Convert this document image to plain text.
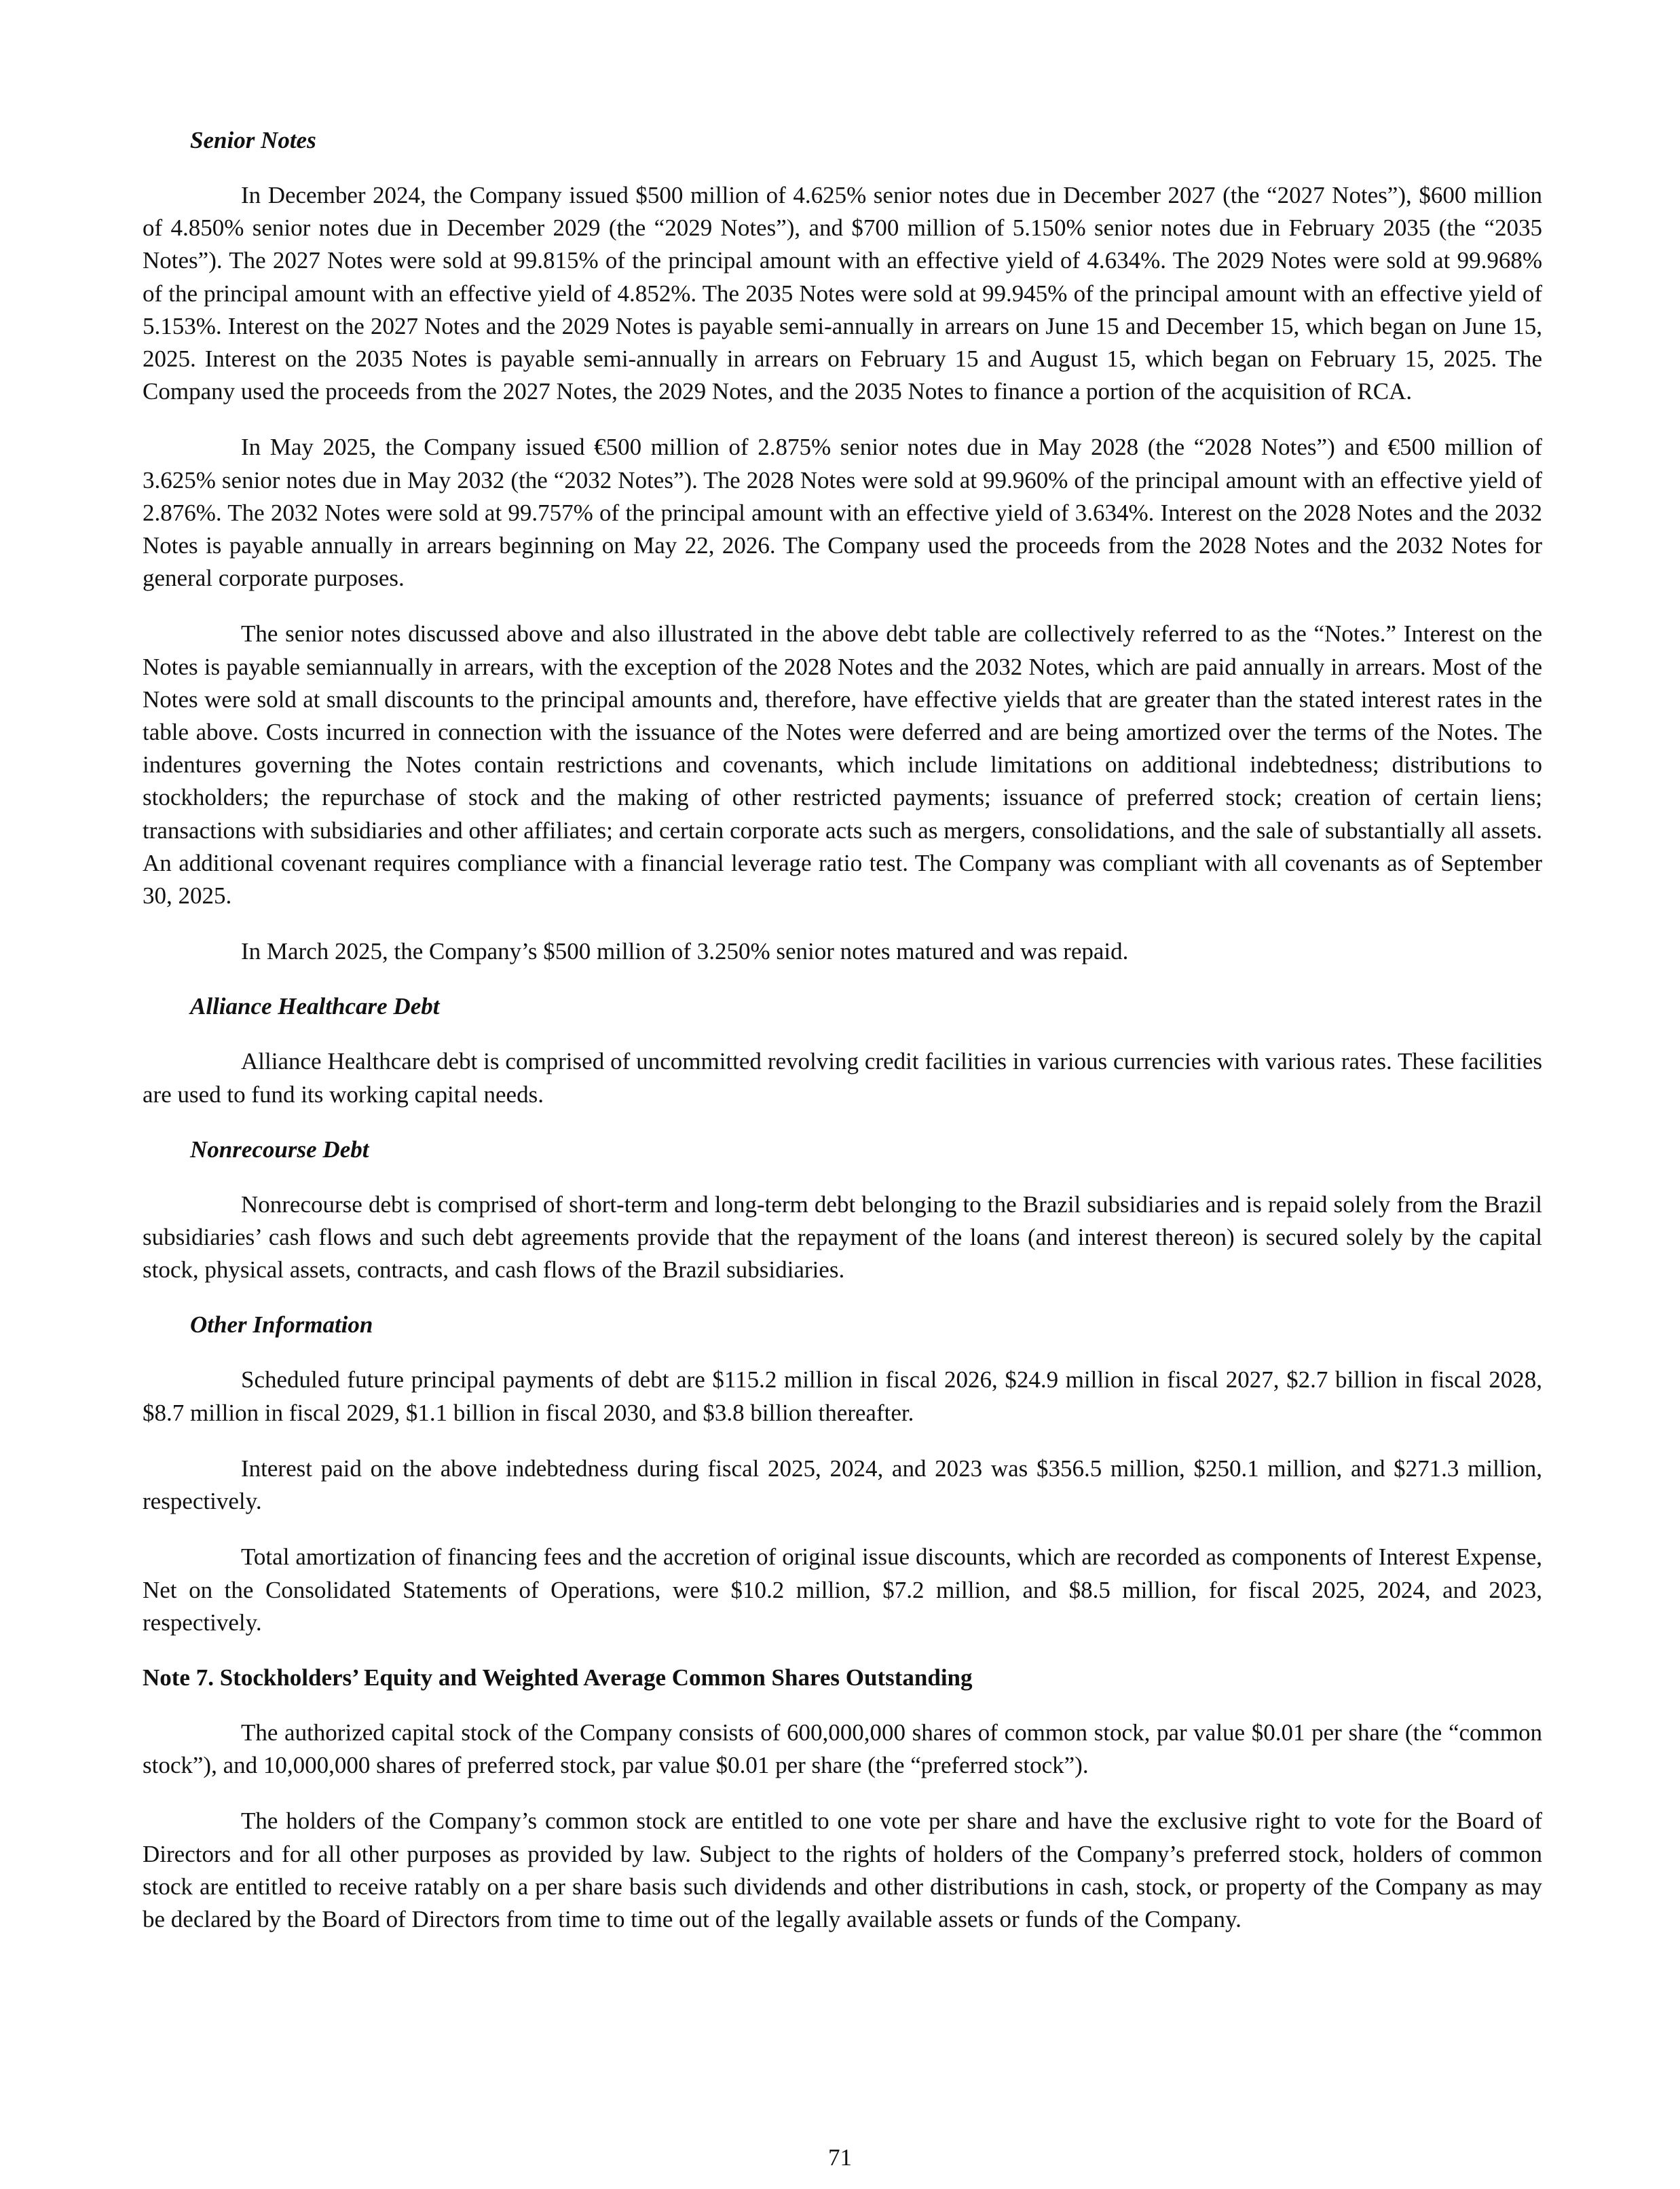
Senior Notes

In December 2024, the Company issued $500 million of 4.625% senior notes due in December 2027 (the “2027 Notes”), $600 million of 4.850% senior notes due in December 2029 (the “2029 Notes”), and $700 million of 5.150% senior notes due in February 2035 (the “2035 Notes”). The 2027 Notes were sold at 99.815% of the principal amount with an effective yield of 4.634%. The 2029 Notes were sold at 99.968% of the principal amount with an effective yield of 4.852%. The 2035 Notes were sold at 99.945% of the principal amount with an effective yield of 5.153%. Interest on the 2027 Notes and the 2029 Notes is payable semi-annually in arrears on June 15 and December 15, which began on June 15, 2025. Interest on the 2035 Notes is payable semi-annually in arrears on February 15 and August 15, which began on February 15, 2025. The Company used the proceeds from the 2027 Notes, the 2029 Notes, and the 2035 Notes to finance a portion of the acquisition of RCA.

In May 2025, the Company issued €500 million of 2.875% senior notes due in May 2028 (the “2028 Notes”) and €500 million of 3.625% senior notes due in May 2032 (the “2032 Notes”). The 2028 Notes were sold at 99.960% of the principal amount with an effective yield of 2.876%. The 2032 Notes were sold at 99.757% of the principal amount with an effective yield of 3.634%. Interest on the 2028 Notes and the 2032 Notes is payable annually in arrears beginning on May 22, 2026. The Company used the proceeds from the 2028 Notes and the 2032 Notes for general corporate purposes.

The senior notes discussed above and also illustrated in the above debt table are collectively referred to as the “Notes.” Interest on the Notes is payable semiannually in arrears, with the exception of the 2028 Notes and the 2032 Notes, which are paid annually in arrears. Most of the Notes were sold at small discounts to the principal amounts and, therefore, have effective yields that are greater than the stated interest rates in the table above. Costs incurred in connection with the issuance of the Notes were deferred and are being amortized over the terms of the Notes. The indentures governing the Notes contain restrictions and covenants, which include limitations on additional indebtedness; distributions to stockholders; the repurchase of stock and the making of other restricted payments; issuance of preferred stock; creation of certain liens; transactions with subsidiaries and other affiliates; and certain corporate acts such as mergers, consolidations, and the sale of substantially all assets. An additional covenant requires compliance with a financial leverage ratio test. The Company was compliant with all covenants as of September 30, 2025.

In March 2025, the Company’s $500 million of 3.250% senior notes matured and was repaid.

Alliance Healthcare Debt

Alliance Healthcare debt is comprised of uncommitted revolving credit facilities in various currencies with various rates. These facilities are used to fund its working capital needs.

Nonrecourse Debt

Nonrecourse debt is comprised of short-term and long-term debt belonging to the Brazil subsidiaries and is repaid solely from the Brazil subsidiaries’ cash flows and such debt agreements provide that the repayment of the loans (and interest thereon) is secured solely by the capital stock, physical assets, contracts, and cash flows of the Brazil subsidiaries.

Other Information

Scheduled future principal payments of debt are $115.2 million in fiscal 2026, $24.9 million in fiscal 2027, $2.7 billion in fiscal 2028, $8.7 million in fiscal 2029, $1.1 billion in fiscal 2030, and $3.8 billion thereafter.

Interest paid on the above indebtedness during fiscal 2025, 2024, and 2023 was $356.5 million, $250.1 million, and $271.3 million, respectively.

Total amortization of financing fees and the accretion of original issue discounts, which are recorded as components of Interest Expense, Net on the Consolidated Statements of Operations, were $10.2 million, $7.2 million, and $8.5 million, for fiscal 2025, 2024, and 2023, respectively.

Note 7. Stockholders’ Equity and Weighted Average Common Shares Outstanding

The authorized capital stock of the Company consists of 600,000,000 shares of common stock, par value $0.01 per share (the “common stock”), and 10,000,000 shares of preferred stock, par value $0.01 per share (the “preferred stock”).

The holders of the Company’s common stock are entitled to one vote per share and have the exclusive right to vote for the Board of Directors and for all other purposes as provided by law. Subject to the rights of holders of the Company’s preferred stock, holders of common stock are entitled to receive ratably on a per share basis such dividends and other distributions in cash, stock, or property of the Company as may be declared by the Board of Directors from time to time out of the legally available assets or funds of the Company.

71
